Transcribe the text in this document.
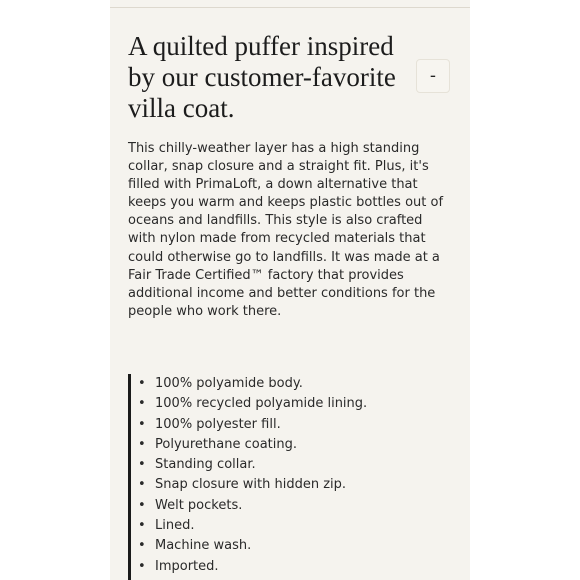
A quilted puffer inspired by our customer-favorite villa coat.
-

This chilly-weather layer has a high standing collar, snap closure and a straight fit. Plus, it's filled with PrimaLoft, a down alternative that keeps you warm and keeps plastic bottles out of oceans and landfills. This style is also crafted with nylon made from recycled materials that could otherwise go to landfills. It was made at a Fair Trade Certified™ factory that provides additional income and better conditions for the people who work there.

• 100% polyamide body.
• 100% recycled polyamide lining.
• 100% polyester fill.
• Polyurethane coating.
• Standing collar.
• Snap closure with hidden zip.
• Welt pockets.
• Lined.
• Machine wash.
• Imported.
